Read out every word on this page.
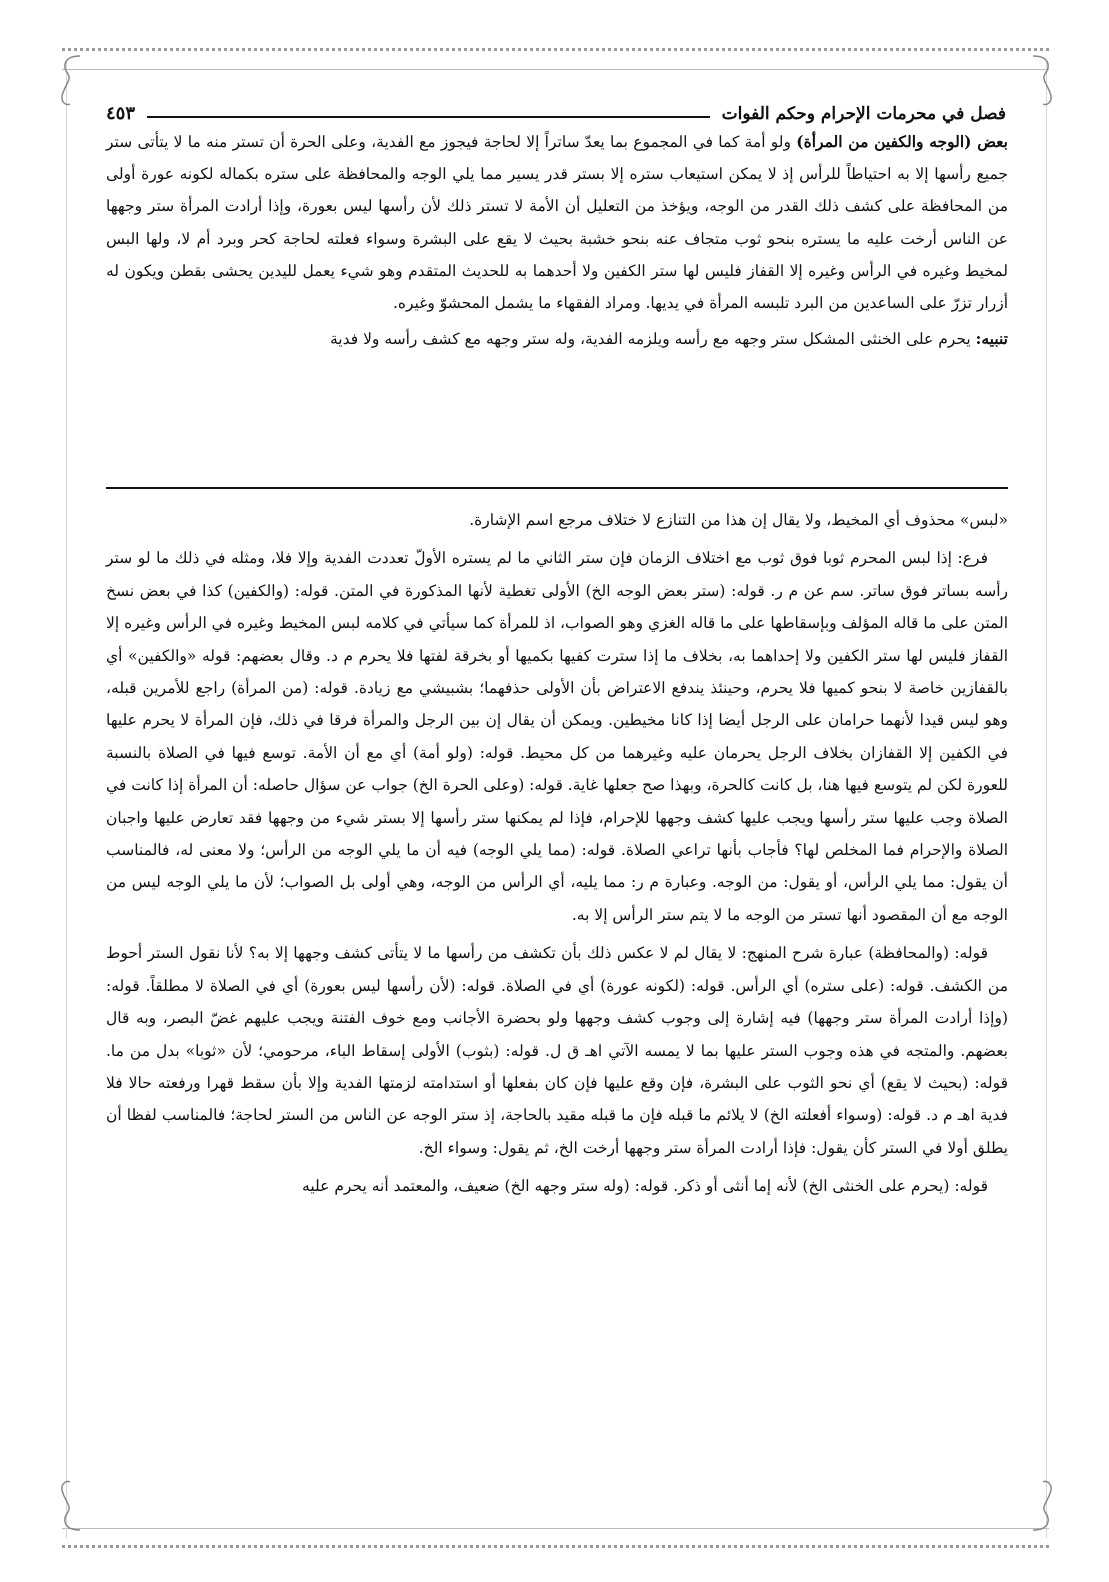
فصل في محرمات الإحرام وحكم الفوات
٤٥٣

بعض (الوجه والكفين من المرأة) ولو أمة كما في المجموع بما يعدّ ساتراً إلا لحاجة فيجوز مع الفدية، وعلى الحرة أن تستر منه ما لا يتأتى ستر جميع رأسها إلا به احتياطاً للرأس إذ لا يمكن استيعاب ستره إلا بستر قدر يسير مما يلي الوجه والمحافظة على ستره بكماله لكونه عورة أولى من المحافظة على كشف ذلك القدر من الوجه، ويؤخذ من التعليل أن الأمة لا تستر ذلك لأن رأسها ليس بعورة، وإذا أرادت المرأة ستر وجهها عن الناس أرخت عليه ما يستره بنحو ثوب متجاف عنه بنحو خشبة بحيث لا يقع على البشرة وسواء فعلته لحاجة كحر وبرد أم لا، ولها البس لمخيط وغيره في الرأس وغيره إلا القفاز فليس لها ستر الكفين ولا أحدهما به للحديث المتقدم وهو شيء يعمل لليدين يحشى بقطن ويكون له أزرار تزرّ على الساعدين من البرد تلبسه المرأة في يديها. ومراد الفقهاء ما يشمل المحشوّ وغيره.

تنبيه: يحرم على الخنثى المشكل ستر وجهه مع رأسه ويلزمه الفدية، وله ستر وجهه مع كشف رأسه ولا فدية

«لبس» محذوف أي المخيط، ولا يقال إن هذا من التنازع لا ختلاف مرجع اسم الإشارة.

فرع: إذا لبس المحرم ثوبا فوق ثوب مع اختلاف الزمان فإن ستر الثاني ما لم يستره الأولّ تعددت الفدية وإلا فلا، ومثله في ذلك ما لو ستر رأسه بساتر فوق ساتر. سم عن م ر. قوله: (ستر بعض الوجه الخ) الأولى تغطية لأنها المذكورة في المتن. قوله: (والكفين) كذا في بعض نسخ المتن على ما قاله المؤلف وبإسقاطها على ما قاله الغزي وهو الصواب، اذ للمرأة كما سيأتي في كلامه لبس المخيط وغيره في الرأس وغيره إلا القفاز فليس لها ستر الكفين ولا إحداهما به، بخلاف ما إذا سترت كفيها بكميها أو بخرقة لفتها فلا يحرم م د. وقال بعضهم: قوله «والكفين» أي بالقفازين خاصة لا بنحو كميها فلا يحرم، وحينئذ يندفع الاعتراض بأن الأولى حذفهما؛ بشبيشي مع زيادة. قوله: (من المرأة) راجع للأمرين قبله، وهو ليس قيدا لأنهما حرامان على الرجل أيضا إذا كانا مخيطين. ويمكن أن يقال إن بين الرجل والمرأة فرقا في ذلك، فإن المرأة لا يحرم عليها في الكفين إلا القفازان بخلاف الرجل يحرمان عليه وغيرهما من كل محيط. قوله: (ولو أمة) أي مع أن الأمة. توسع فيها في الصلاة بالنسبة للعورة لكن لم يتوسع فيها هنا، بل كانت كالحرة، وبهذا صح جعلها غاية. قوله: (وعلى الحرة الخ) جواب عن سؤال حاصله: أن المرأة إذا كانت في الصلاة وجب عليها ستر رأسها ويجب عليها كشف وجهها للإحرام، فإذا لم يمكنها ستر رأسها إلا بستر شيء من وجهها فقد تعارض عليها واجبان الصلاة والإحرام فما المخلص لها؟ فأجاب بأنها تراعي الصلاة. قوله: (مما يلي الوجه) فيه أن ما يلي الوجه من الرأس؛ ولا معنى له، فالمناسب أن يقول: مما يلي الرأس، أو يقول: من الوجه. وعبارة م ر: مما يليه، أي الرأس من الوجه، وهي أولى بل الصواب؛ لأن ما يلي الوجه ليس من الوجه مع أن المقصود أنها تستر من الوجه ما لا يتم ستر الرأس إلا به.

قوله: (والمحافظة) عبارة شرح المنهج: لا يقال لم لا عكس ذلك بأن تكشف من رأسها ما لا يتأتى كشف وجهها إلا به؟ لأنا نقول الستر أحوط من الكشف. قوله: (على ستره) أي الرأس. قوله: (لكونه عورة) أي في الصلاة. قوله: (لأن رأسها ليس بعورة) أي في الصلاة لا مطلقاً. قوله: (وإذا أرادت المرأة ستر وجهها) فيه إشارة إلى وجوب كشف وجهها ولو بحضرة الأجانب ومع خوف الفتنة ويجب عليهم غضّ البصر، وبه قال بعضهم. والمتجه في هذه وجوب الستر عليها بما لا يمسه الآتي اهـ ق ل. قوله: (بثوب) الأولى إسقاط الباء، مرحومي؛ لأن «ثوبا» بدل من ما. قوله: (بحيث لا يقع) أي نحو الثوب على البشرة، فإن وقع عليها فإن كان بفعلها أو استدامته لزمتها الفدية وإلا بأن سقط قهرا ورفعته حالا فلا فدية اهـ م د. قوله: (وسواء أفعلته الخ) لا يلائم ما قبله فإن ما قبله مقيد بالحاجة، إذ ستر الوجه عن الناس من الستر لحاجة؛ فالمناسب لفظا أن يطلق أولا في الستر كأن يقول: فإذا أرادت المرأة ستر وجهها أرخت الخ، ثم يقول: وسواء الخ.

قوله: (يحرم على الخنثى الخ) لأنه إما أنثى أو ذكر. قوله: (وله ستر وجهه الخ) ضعيف، والمعتمد أنه يحرم عليه
